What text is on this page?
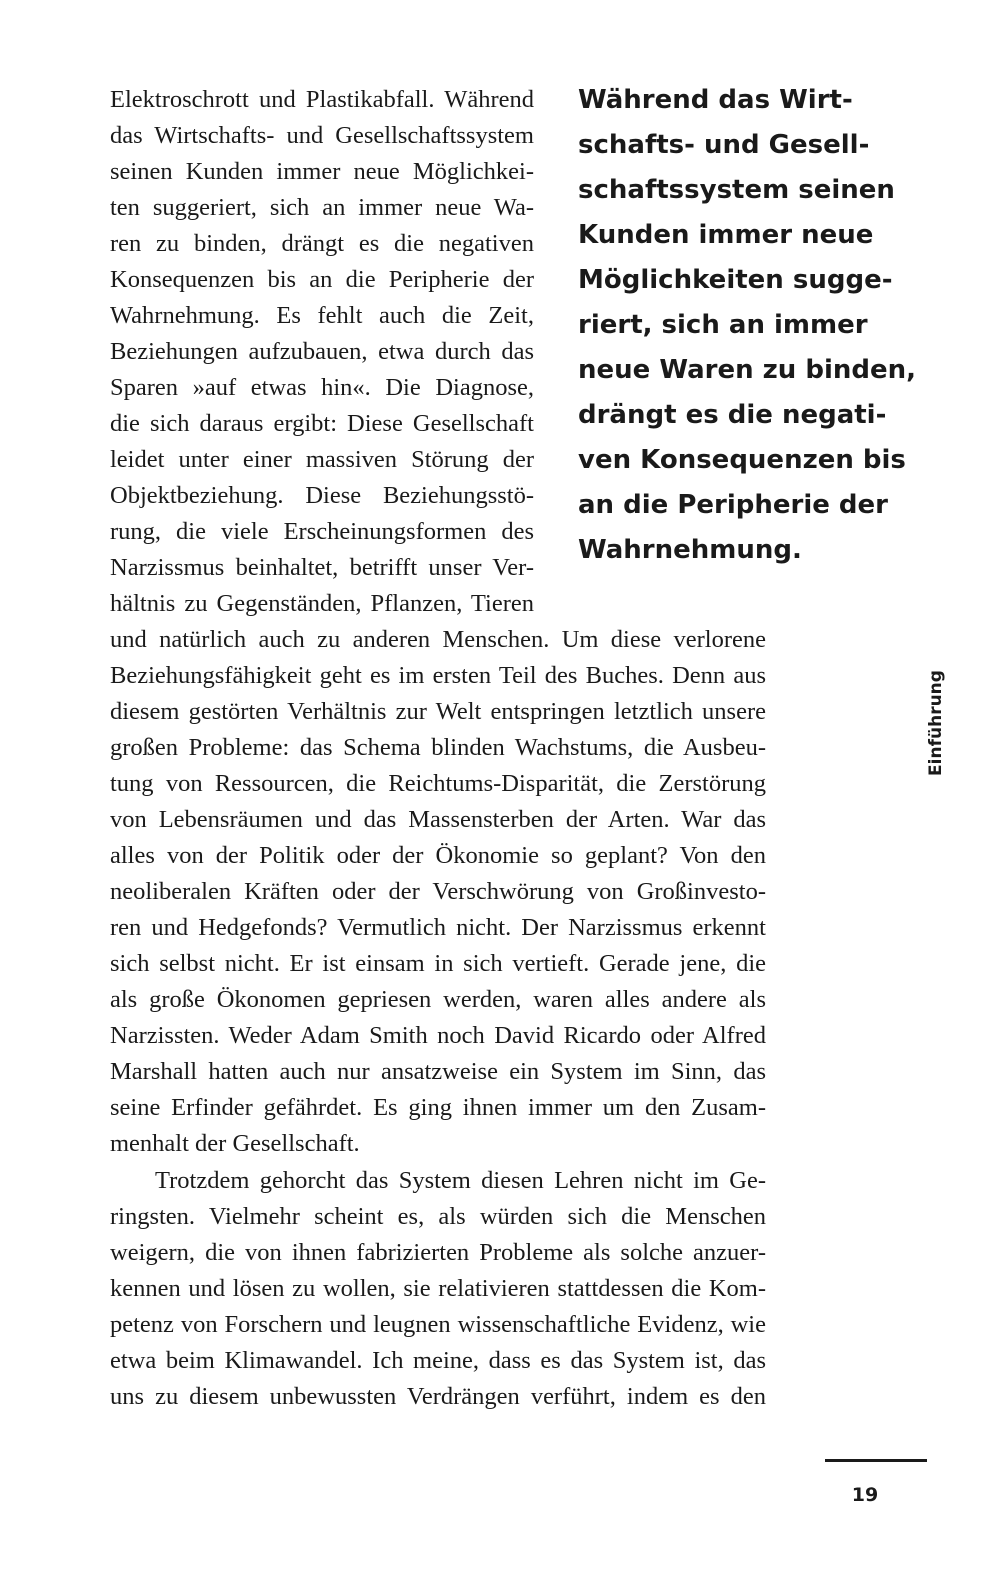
Elektroschrott und Plastikabfall. Während

das Wirtschafts- und Gesellschaftssystem

seinen Kunden immer neue Möglichkei-

ten suggeriert, sich an immer neue Wa-

ren zu binden, drängt es die negativen

Konsequenzen bis an die Peripherie der

Wahrnehmung. Es fehlt auch die Zeit,

Beziehungen aufzubauen, etwa durch das

Sparen »auf etwas hin«. Die Diagnose,

die sich daraus ergibt: Diese Gesellschaft

leidet unter einer massiven Störung der

Objektbeziehung. Diese Beziehungsstö-

rung, die viele Erscheinungsformen des

Narzissmus beinhaltet, betrifft unser Ver-

hältnis zu Gegenständen, Pflanzen, Tieren

und natürlich auch zu anderen Menschen. Um diese verlorene

Beziehungsfähigkeit geht es im ersten Teil des Buches. Denn aus

diesem gestörten Verhältnis zur Welt entspringen letztlich unsere

großen Probleme: das Schema blinden Wachstums, die Ausbeu-

tung von Ressourcen, die Reichtums-Disparität, die Zerstörung

von Lebensräumen und das Massensterben der Arten. War das

alles von der Politik oder der Ökonomie so geplant? Von den

neoliberalen Kräften oder der Verschwörung von Großinvesto-

ren und Hedgefonds? Vermutlich nicht. Der Narzissmus erkennt

sich selbst nicht. Er ist einsam in sich vertieft. Gerade jene, die

als große Ökonomen gepriesen werden, waren alles andere als

Narzissten. Weder Adam Smith noch David Ricardo oder Alfred

Marshall hatten auch nur ansatzweise ein System im Sinn, das

seine Erfinder gefährdet. Es ging ihnen immer um den Zusam-

menhalt der Gesellschaft.

Trotzdem gehorcht das System diesen Lehren nicht im Ge-

ringsten. Vielmehr scheint es, als würden sich die Menschen

weigern, die von ihnen fabrizierten Probleme als solche anzuer-

kennen und lösen zu wollen, sie relativieren stattdessen die Kom-

petenz von Forschern und leugnen wissenschaftliche Evidenz, wie

etwa beim Klimawandel. Ich meine, dass es das System ist, das

uns zu diesem unbewussten Verdrängen verführt, indem es den

Während das Wirt-

schafts- und Gesell-

schaftssystem seinen

Kunden immer neue

Möglichkeiten sugge-

riert, sich an immer

neue Waren zu binden,

drängt es die negati-

ven Konsequenzen bis

an die Peripherie der

Wahrnehmung.

Einführung
19
